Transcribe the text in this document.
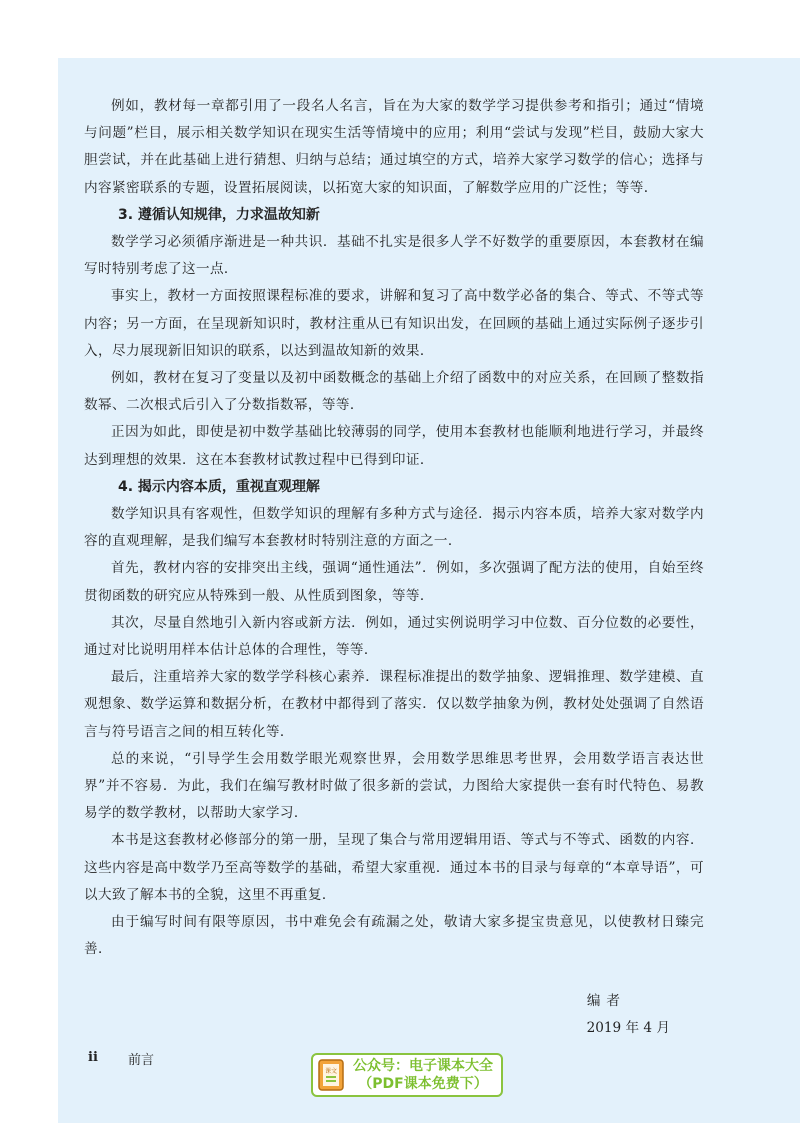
例如，教材每一章都引用了一段名人名言，旨在为大家的数学学习提供参考和指引；通过“情境与问题”栏目，展示相关数学知识在现实生活等情境中的应用；利用“尝试与发现”栏目，鼓励大家大胆尝试，并在此基础上进行猜想、归纳与总结；通过填空的方式，培养大家学习数学的信心；选择与内容紧密联系的专题，设置拓展阅读，以拓宽大家的知识面，了解数学应用的广泛性；等等.

3. 遵循认知规律，力求温故知新

数学学习必须循序渐进是一种共识．基础不扎实是很多人学不好数学的重要原因，本套教材在编写时特别考虑了这一点．

事实上，教材一方面按照课程标准的要求，讲解和复习了高中数学必备的集合、等式、不等式等内容；另一方面，在呈现新知识时，教材注重从已有知识出发，在回顾的基础上通过实际例子逐步引入，尽力展现新旧知识的联系，以达到温故知新的效果．

例如，教材在复习了变量以及初中函数概念的基础上介绍了函数中的对应关系，在回顾了整数指数幂、二次根式后引入了分数指数幂，等等．

正因为如此，即使是初中数学基础比较薄弱的同学，使用本套教材也能顺利地进行学习，并最终达到理想的效果．这在本套教材试教过程中已得到印证．

4. 揭示内容本质，重视直观理解

数学知识具有客观性，但数学知识的理解有多种方式与途径．揭示内容本质，培养大家对数学内容的直观理解，是我们编写本套教材时特别注意的方面之一．

首先，教材内容的安排突出主线，强调“通性通法”．例如，多次强调了配方法的使用，自始至终贯彻函数的研究应从特殊到一般、从性质到图象，等等．

其次，尽量自然地引入新内容或新方法．例如，通过实例说明学习中位数、百分位数的必要性，通过对比说明用样本估计总体的合理性，等等．

最后，注重培养大家的数学学科核心素养．课程标准提出的数学抽象、逻辑推理、数学建模、直观想象、数学运算和数据分析，在教材中都得到了落实．仅以数学抽象为例，教材处处强调了自然语言与符号语言之间的相互转化等．

总的来说，“引导学生会用数学眼光观察世界，会用数学思维思考世界，会用数学语言表达世界”并不容易．为此，我们在编写教材时做了很多新的尝试，力图给大家提供一套有时代特色、易教易学的数学教材，以帮助大家学习．

本书是这套教材必修部分的第一册，呈现了集合与常用逻辑用语、等式与不等式、函数的内容．这些内容是高中数学乃至高等数学的基础，希望大家重视．通过本书的目录与每章的“本章导语”，可以大致了解本书的全貌，这里不再重复．

由于编写时间有限等原因，书中难免会有疏漏之处，敬请大家多提宝贵意见，以使教材日臻完善．

编者
2019 年 4 月
ii 前言
课文	公众号：电子课本大全
（PDF课本免费下）
